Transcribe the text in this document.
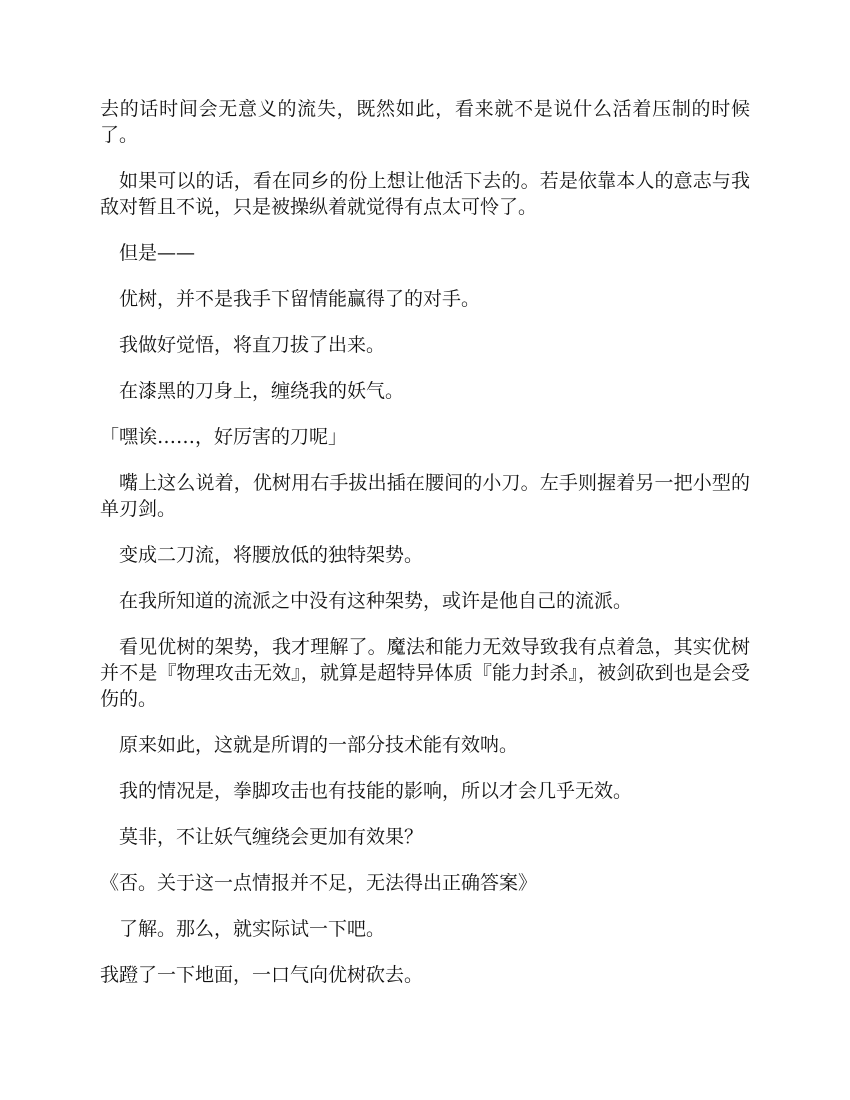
去的话时间会无意义的流失，既然如此，看来就不是说什么活着压制的时候了。

如果可以的话，看在同乡的份上想让他活下去的。若是依靠本人的意志与我敌对暂且不说，只是被操纵着就觉得有点太可怜了。

但是——

优树，并不是我手下留情能赢得了的对手。

我做好觉悟，将直刀拔了出来。

在漆黑的刀身上，缠绕我的妖气。

「嘿诶……，好厉害的刀呢」

嘴上这么说着，优树用右手拔出插在腰间的小刀。左手则握着另一把小型的单刃剑。

变成二刀流，将腰放低的独特架势。

在我所知道的流派之中没有这种架势，或许是他自己的流派。

看见优树的架势，我才理解了。魔法和能力无效导致我有点着急，其实优树并不是『物理攻击无效』，就算是超特异体质『能力封杀』，被剑砍到也是会受伤的。

原来如此，这就是所谓的一部分技术能有效呐。

我的情况是，拳脚攻击也有技能的影响，所以才会几乎无效。

莫非，不让妖气缠绕会更加有效果？

《否。关于这一点情报并不足，无法得出正确答案》

了解。那么，就实际试一下吧。

我蹬了一下地面，一口气向优树砍去。
